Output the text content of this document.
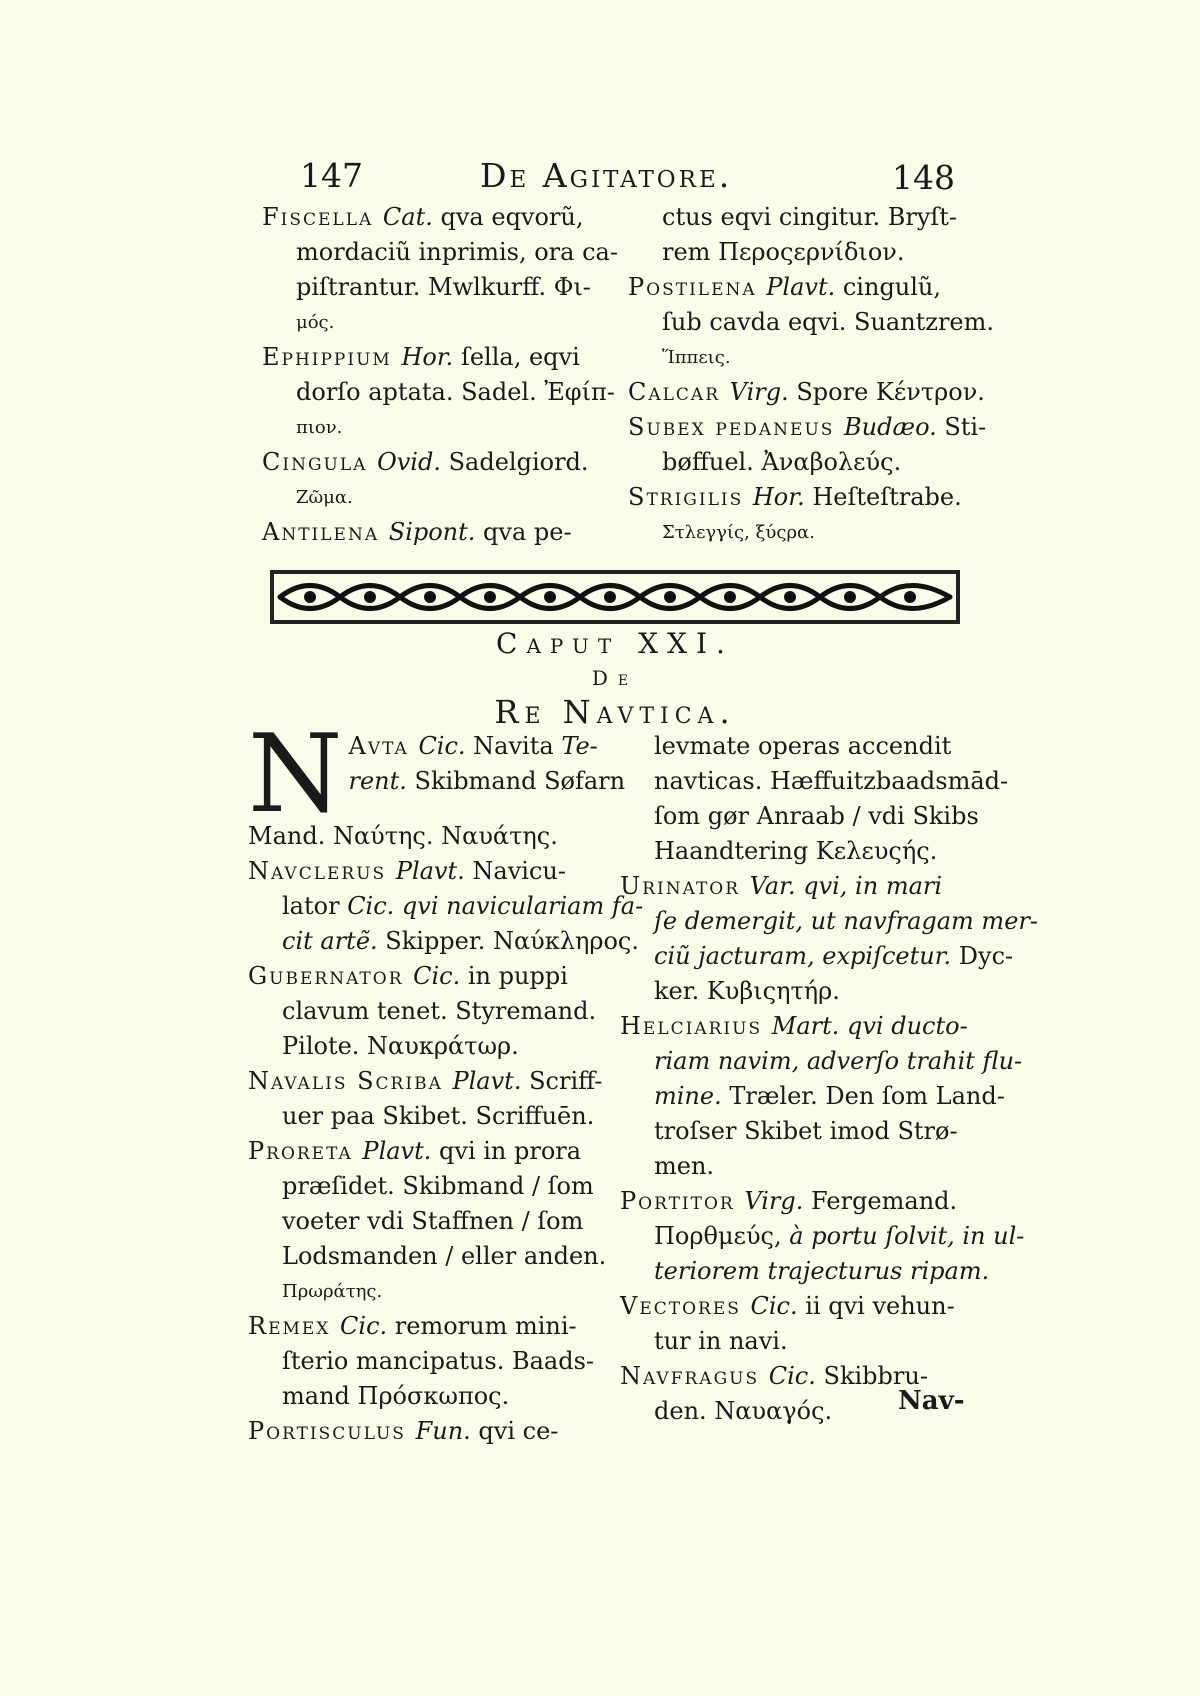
147	De Agitatore.	148
Fiscella Cat. qva eqvorũ,
mordaciũ inprimis, ora ca-
piſtrantur. Mwlkurff. Φι-
μός.
Ephippium Hor. ſella, eqvi
dorſo aptata. Sadel. Ἐφίπ-
πιον.
Cingula Ovid. Sadelgiord.
Ζῶμα.
Antilena Sipont. qva pe-
ctus eqvi cingitur. Bryſt-
rem Περοςερνίδιον.
Postilena Plavt. cingulũ,
ſub cavda eqvi. Suantzrem.
Ἵππεις.
Calcar Virg. Spore Κέντρον.
Subex pedaneus Budæo. Sti-
bøffuel. Ἀναβολεύς.
Strigilis Hor. Heſteſtrabe.
Στλεγγίς, ξύςρα.
Caput XXI.
De
Re Navtica.
N Avta Cic. Navita Te-
rent. Skibmand Søfarn
Mand. Ναύτης. Ναυάτης.
Navclerus Plavt. Navicu-
lator Cic. qvi naviculariam fa-
cit artẽ. Skipper. Ναύκληρος.
Gubernator Cic. in puppi
clavum tenet. Styremand.
Pilote. Ναυκράτωρ.
Navalis Scriba Plavt. Scriff-
uer paa Skibet. Scriffuēn.
Proreta Plavt. qvi in prora
præſidet. Skibmand / ſom
voeter vdi Staffnen / ſom
Lodsmanden / eller anden.
Πρωράτης.
Remex Cic. remorum mini-
ſterio mancipatus. Baads-
mand Πρόσκωπος.
Portisculus Fun. qvi ce-
levmate operas accendit
navticas. Hæffuitzbaadsmād-
ſom gør Anraab / vdi Skibs
Haandtering Κελευςής.
Urinator Var. qvi, in mari
ſe demergit, ut navfragam mer-
ciũ jacturam, expiſcetur. Dyc-
ker. Κυβιςητήρ.
Helciarius Mart. qvi ducto-
riam navim, adverſo trahit flu-
mine. Træler. Den ſom Land-
troſser Skibet imod Strø-
men.
Portitor Virg. Fergemand.
Πορθμεύς, à portu ſolvit, in ul-
teriorem trajecturus ripam.
Vectores Cic. ii qvi vehun-
tur in navi.
Navfragus Cic. Skibbru-
den. Ναυαγός.	Nav-
